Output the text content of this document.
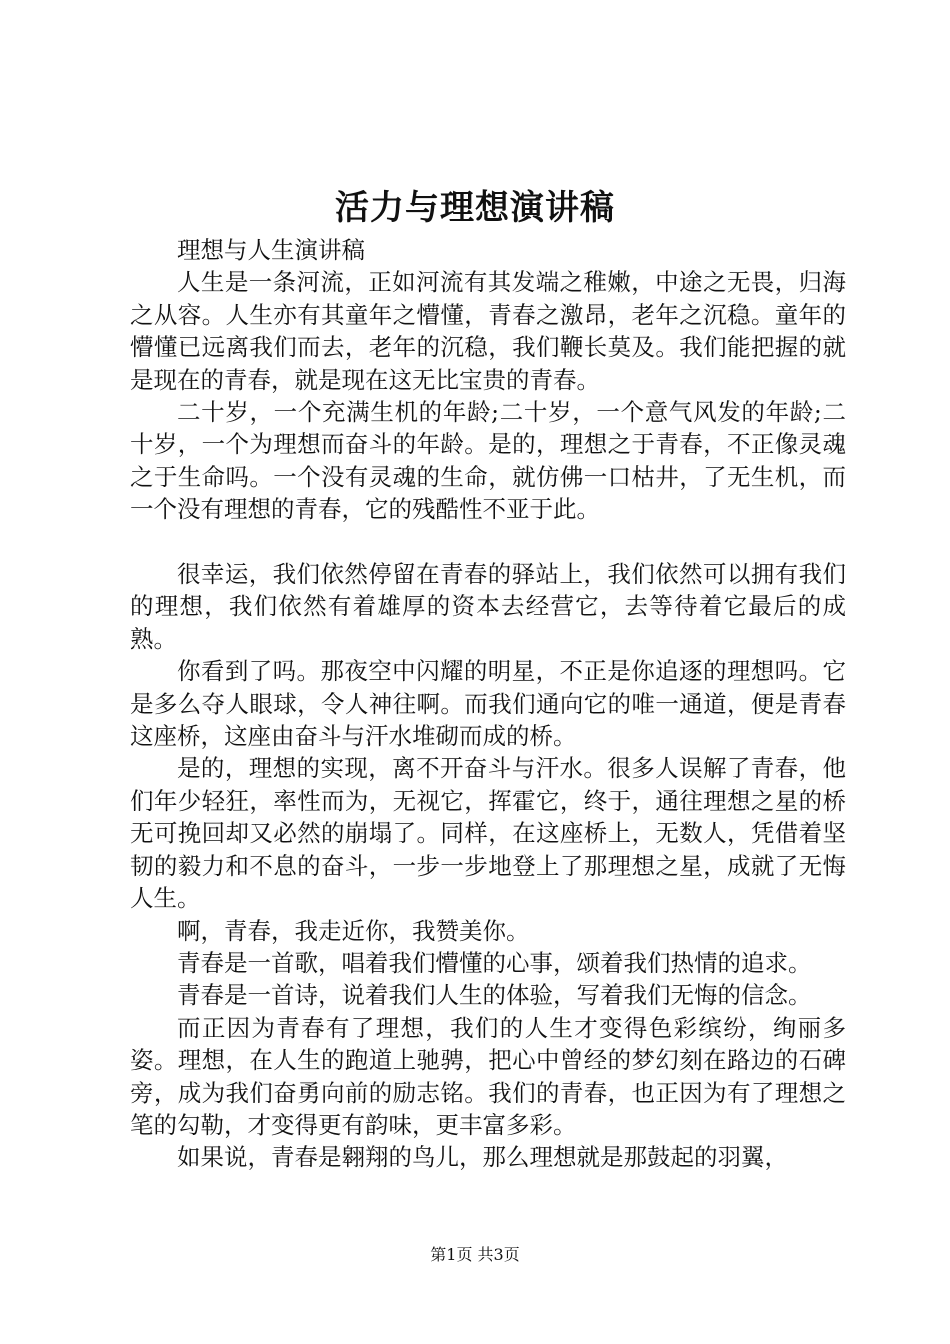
活力与理想演讲稿

理想与人生演讲稿

人生是一条河流，正如河流有其发端之稚嫩，中途之无畏，归海之从容。人生亦有其童年之懵懂，青春之激昂，老年之沉稳。童年的懵懂已远离我们而去，老年的沉稳，我们鞭长莫及。我们能把握的就是现在的青春，就是现在这无比宝贵的青春。

二十岁，一个充满生机的年龄;二十岁，一个意气风发的年龄;二十岁，一个为理想而奋斗的年龄。是的，理想之于青春，不正像灵魂之于生命吗。一个没有灵魂的生命，就仿佛一口枯井，了无生机，而一个没有理想的青春，它的残酷性不亚于此。

很幸运，我们依然停留在青春的驿站上，我们依然可以拥有我们的理想，我们依然有着雄厚的资本去经营它，去等待着它最后的成熟。

你看到了吗。那夜空中闪耀的明星，不正是你追逐的理想吗。它是多么夺人眼球，令人神往啊。而我们通向它的唯一通道，便是青春这座桥，这座由奋斗与汗水堆砌而成的桥。

是的，理想的实现，离不开奋斗与汗水。很多人误解了青春，他们年少轻狂，率性而为，无视它，挥霍它，终于，通往理想之星的桥无可挽回却又必然的崩塌了。同样，在这座桥上，无数人，凭借着坚韧的毅力和不息的奋斗，一步一步地登上了那理想之星，成就了无悔人生。

啊，青春，我走近你，我赞美你。

青春是一首歌，唱着我们懵懂的心事，颂着我们热情的追求。

青春是一首诗，说着我们人生的体验，写着我们无悔的信念。

而正因为青春有了理想，我们的人生才变得色彩缤纷，绚丽多姿。理想，在人生的跑道上驰骋，把心中曾经的梦幻刻在路边的石碑旁，成为我们奋勇向前的励志铭。我们的青春，也正因为有了理想之笔的勾勒，才变得更有韵味，更丰富多彩。

如果说，青春是翱翔的鸟儿，那么理想就是那鼓起的羽翼，

第1页 共3页
